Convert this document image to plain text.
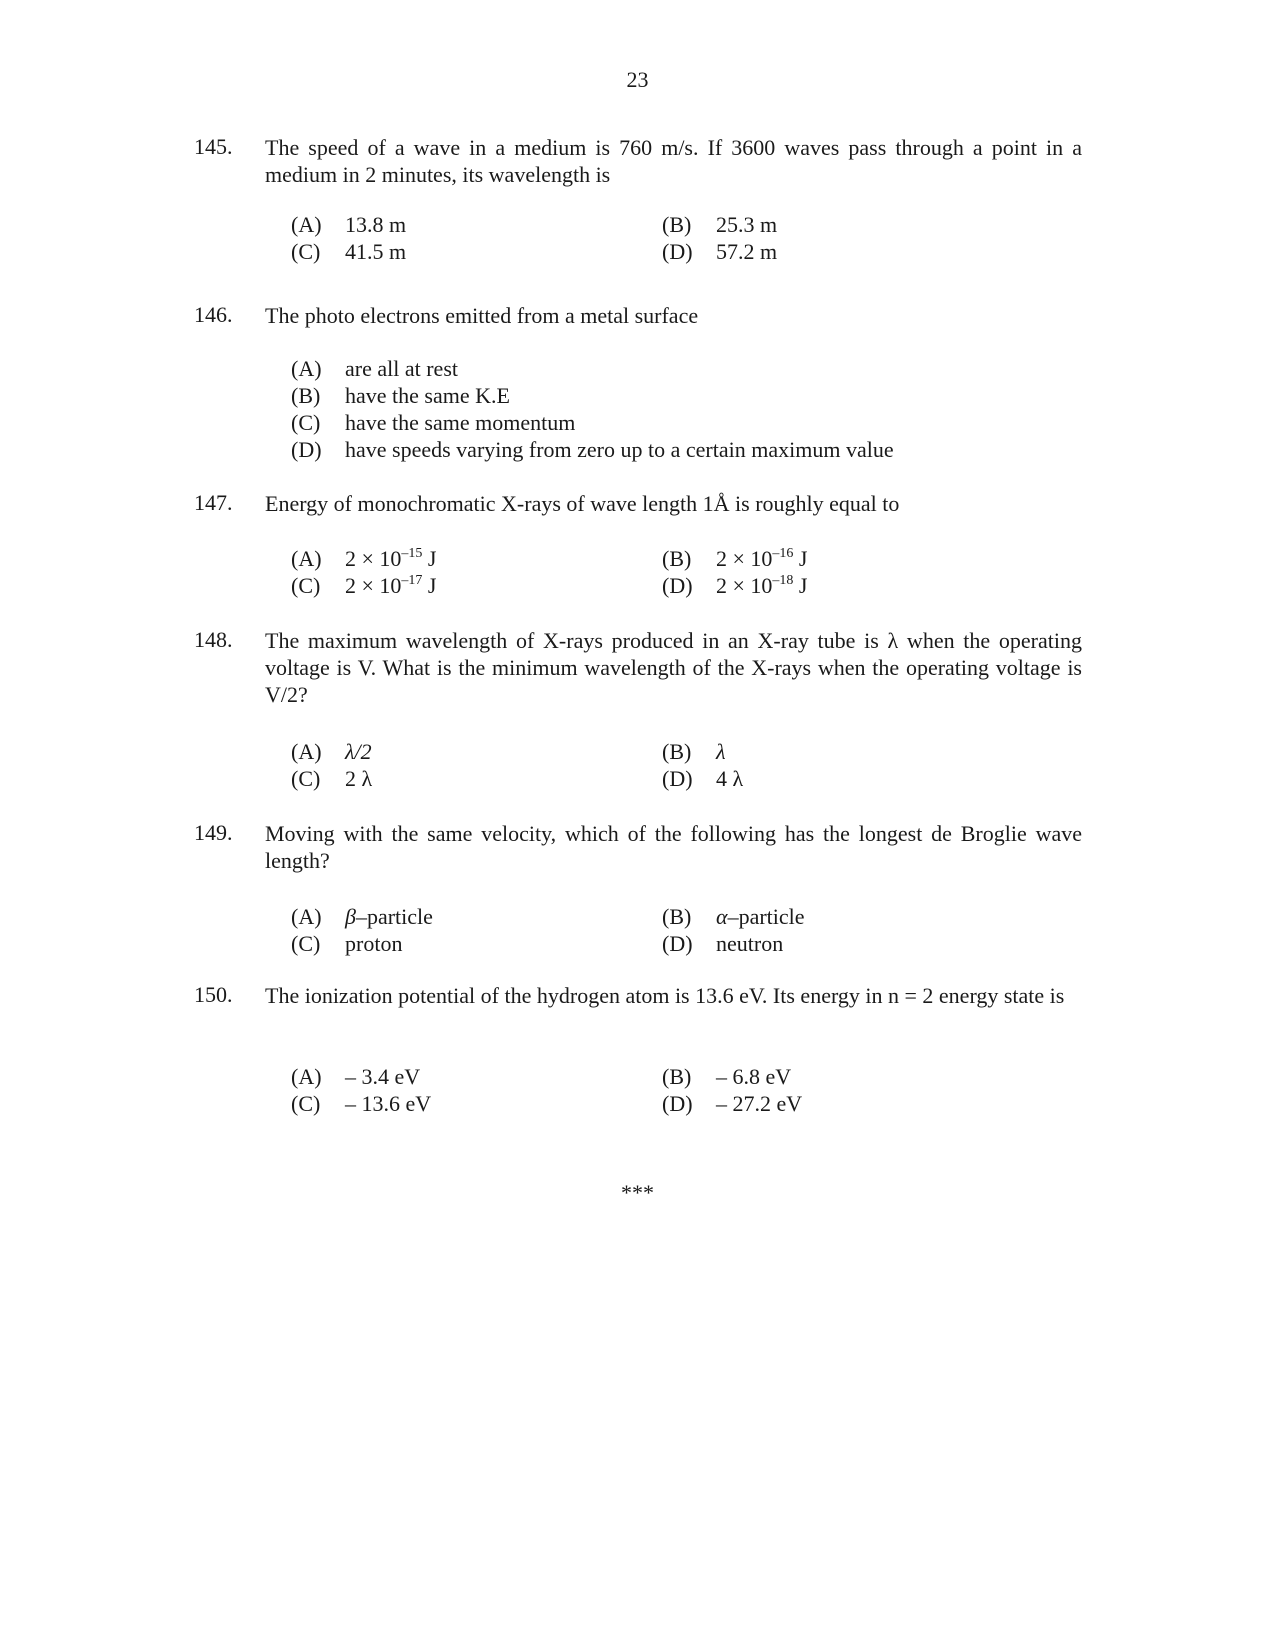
23
145. The speed of a wave in a medium is 760 m/s. If 3600 waves pass through a point in a medium in 2 minutes, its wavelength is
(A) 13.8 m	(B) 25.3 m
(C) 41.5 m	(D) 57.2 m
146. The photo electrons emitted from a metal surface
(A) are all at rest
(B) have the same K.E
(C) have the same momentum
(D) have speeds varying from zero up to a certain maximum value
147. Energy of monochromatic X-rays of wave length 1Å is roughly equal to
(A) $2 \times 10^{-15}$ J	(B) $2 \times 10^{-16}$ J
(C) $2 \times 10^{-17}$ J	(D) $2 \times 10^{-18}$ J
148. The maximum wavelength of X-rays produced in an X-ray tube is λ when the operating voltage is V. What is the minimum wavelength of the X-rays when the operating voltage is V/2?
(A) λ/2	(B) λ
(C) 2 λ	(D) 4 λ
149. Moving with the same velocity, which of the following has the longest de Broglie wave length?
(A) β–particle	(B) α–particle
(C) proton	(D) neutron
150. The ionization potential of the hydrogen atom is 13.6 eV. Its energy in n = 2 energy state is
(A) – 3.4 eV	(B) – 6.8 eV
(C) – 13.6 eV	(D) – 27.2 eV
***
